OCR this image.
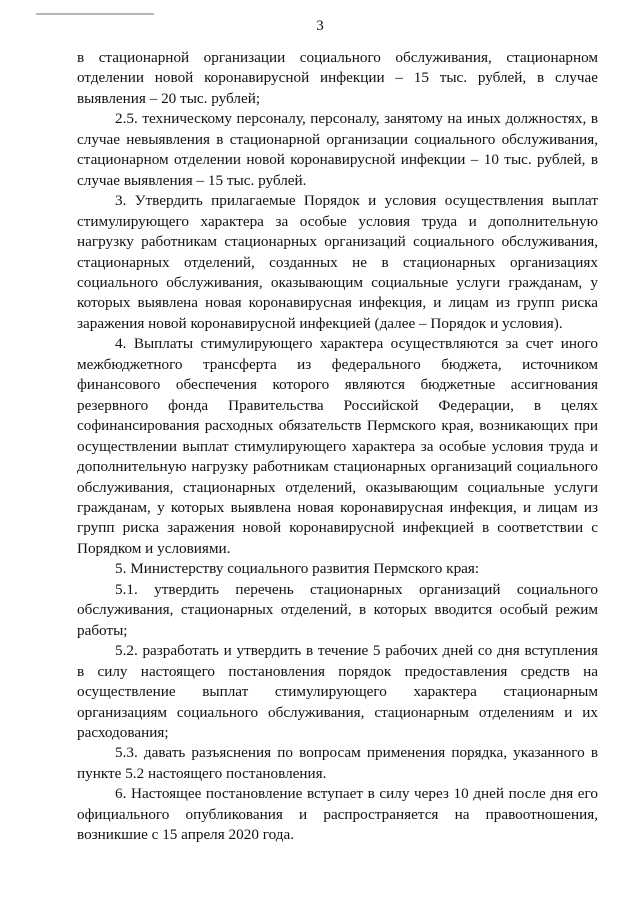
3

в стационарной организации социального обслуживания, стационарном отделении новой коронавирусной инфекции – 15 тыс. рублей, в случае выявления – 20 тыс. рублей;

2.5. техническому персоналу, персоналу, занятому на иных должностях, в случае невыявления в стационарной организации социального обслуживания, стационарном отделении новой коронавирусной инфекции – 10 тыс. рублей, в случае выявления – 15 тыс. рублей.

3. Утвердить прилагаемые Порядок и условия осуществления выплат стимулирующего характера за особые условия труда и дополнительную нагрузку работникам стационарных организаций социального обслуживания, стационарных отделений, созданных не в стационарных организациях социального обслуживания, оказывающим социальные услуги гражданам, у которых выявлена новая коронавирусная инфекция, и лицам из групп риска заражения новой коронавирусной инфекцией (далее – Порядок и условия).

4. Выплаты стимулирующего характера осуществляются за счет иного межбюджетного трансферта из федерального бюджета, источником финансового обеспечения которого являются бюджетные ассигнования резервного фонда Правительства Российской Федерации, в целях софинансирования расходных обязательств Пермского края, возникающих при осуществлении выплат стимулирующего характера за особые условия труда и дополнительную нагрузку работникам стационарных организаций социального обслуживания, стационарных отделений, оказывающим социальные услуги гражданам, у которых выявлена новая коронавирусная инфекция, и лицам из групп риска заражения новой коронавирусной инфекцией в соответствии с Порядком и условиями.

5. Министерству социального развития Пермского края:

5.1. утвердить перечень стационарных организаций социального обслуживания, стационарных отделений, в которых вводится особый режим работы;

5.2. разработать и утвердить в течение 5 рабочих дней со дня вступления в силу настоящего постановления порядок предоставления средств на осуществление выплат стимулирующего характера стационарным организациям социального обслуживания, стационарным отделениям и их расходования;

5.3. давать разъяснения по вопросам применения порядка, указанного в пункте 5.2 настоящего постановления.

6. Настоящее постановление вступает в силу через 10 дней после дня его официального опубликования и распространяется на правоотношения, возникшие с 15 апреля 2020 года.
